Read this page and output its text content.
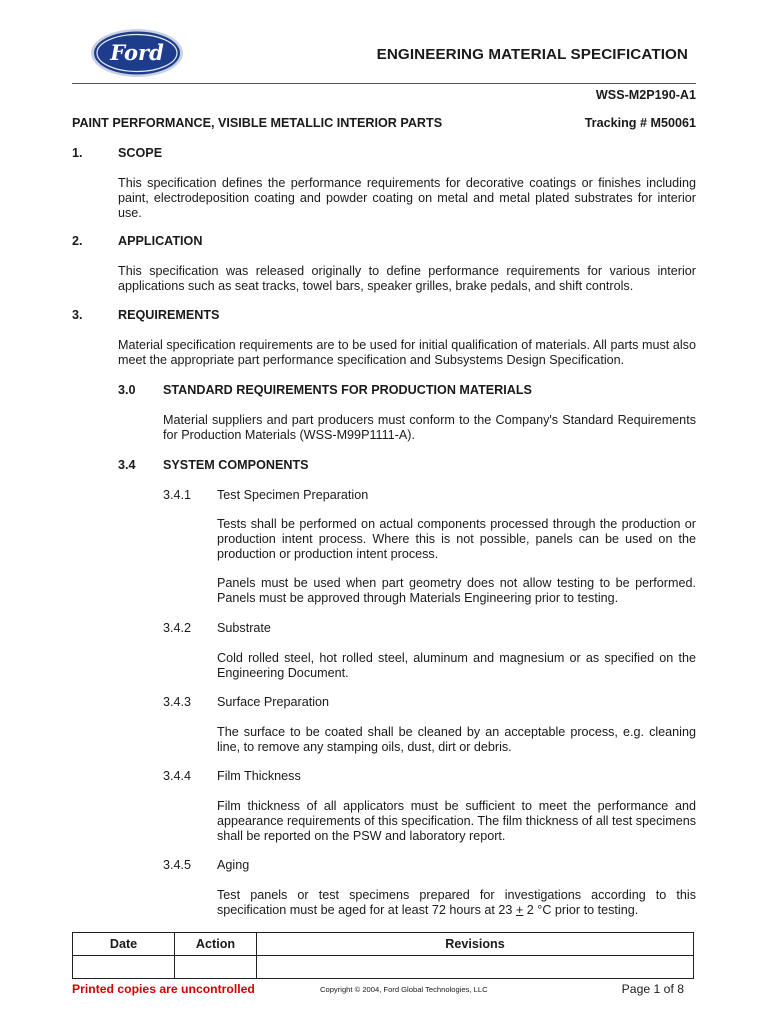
Ford	ENGINEERING MATERIAL SPECIFICATION
WSS-M2P190-A1
PAINT PERFORMANCE, VISIBLE METALLIC INTERIOR PARTS	Tracking # M50061
1.	SCOPE
This specification defines the performance requirements for decorative coatings or finishes including paint, electrodeposition coating and powder coating on metal and metal plated substrates for interior use.
2.	APPLICATION
This specification was released originally to define performance requirements for various interior applications such as seat tracks, towel bars, speaker grilles, brake pedals, and shift controls.
3.	REQUIREMENTS
Material specification requirements are to be used for initial qualification of materials. All parts must also meet the appropriate part performance specification and Subsystems Design Specification.
3.0 STANDARD REQUIREMENTS FOR PRODUCTION MATERIALS
Material suppliers and part producers must conform to the Company's Standard Requirements for Production Materials (WSS-M99P1111-A).
3.4 SYSTEM COMPONENTS
3.4.1 Test Specimen Preparation
Tests shall be performed on actual components processed through the production or production intent process. Where this is not possible, panels can be used on the production or production intent process.
Panels must be used when part geometry does not allow testing to be performed. Panels must be approved through Materials Engineering prior to testing.
3.4.2 Substrate
Cold rolled steel, hot rolled steel, aluminum and magnesium or as specified on the Engineering Document.
3.4.3 Surface Preparation
The surface to be coated shall be cleaned by an acceptable process, e.g. cleaning line, to remove any stamping oils, dust, dirt or debris.
3.4.4 Film Thickness
Film thickness of all applicators must be sufficient to meet the performance and appearance requirements of this specification. The film thickness of all test specimens shall be reported on the PSW and laboratory report.
3.4.5 Aging
Test panels or test specimens prepared for investigations according to this specification must be aged for at least 72 hours at 23 + 2 °C prior to testing.
Date	Action	Revisions

Printed copies are uncontrolled	Copyright © 2004, Ford Global Technologies, LLC	Page 1 of 8
